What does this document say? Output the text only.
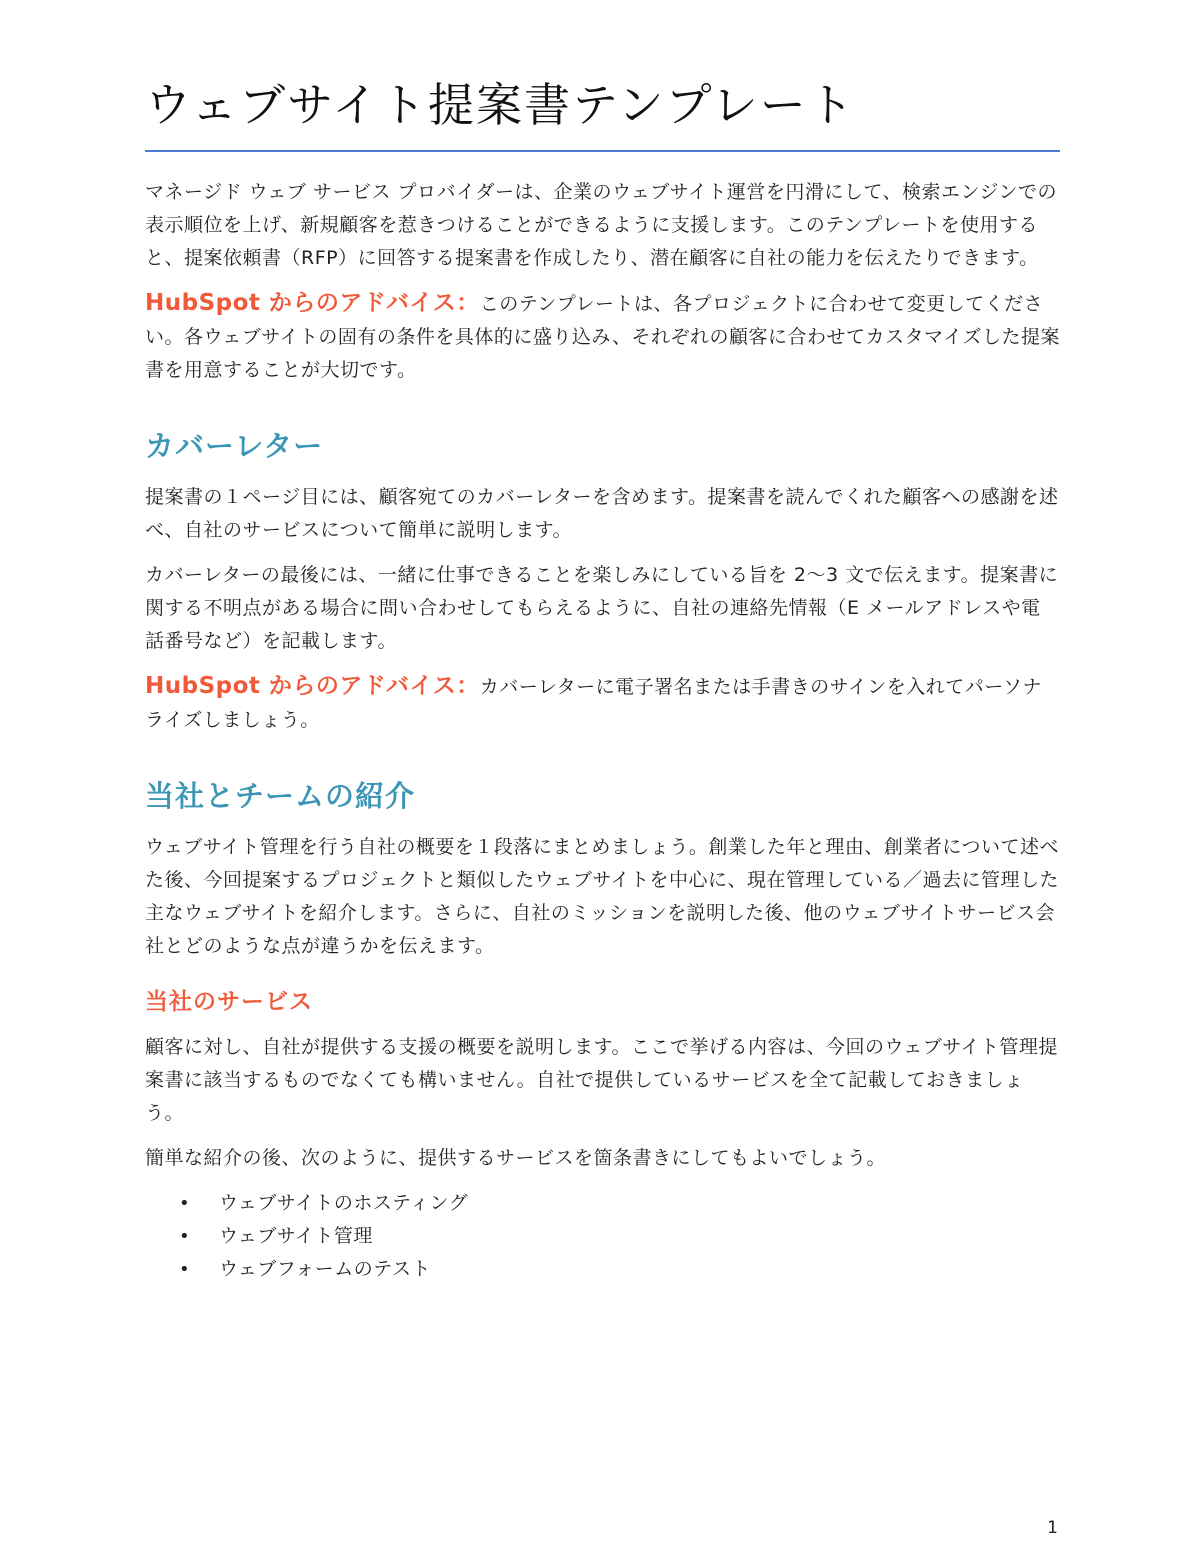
ウェブサイト提案書テンプレート

マネージド ウェブ サービス プロバイダーは、企業のウェブサイト運営を円滑にして、検索エンジンでの表示順位を上げ、新規顧客を惹きつけることができるように支援します。このテンプレートを使用すると、提案依頼書（RFP）に回答する提案書を作成したり、潜在顧客に自社の能力を伝えたりできます。

HubSpot からのアドバイス：このテンプレートは、各プロジェクトに合わせて変更してください。各ウェブサイトの固有の条件を具体的に盛り込み、それぞれの顧客に合わせてカスタマイズした提案書を用意することが大切です。

カバーレター

提案書の１ページ目には、顧客宛てのカバーレターを含めます。提案書を読んでくれた顧客への感謝を述べ、自社のサービスについて簡単に説明します。

カバーレターの最後には、一緒に仕事できることを楽しみにしている旨を 2〜3 文で伝えます。提案書に関する不明点がある場合に問い合わせしてもらえるように、自社の連絡先情報（E メールアドレスや電話番号など）を記載します。

HubSpot からのアドバイス：カバーレターに電子署名または手書きのサインを入れてパーソナライズしましょう。

当社とチームの紹介

ウェブサイト管理を行う自社の概要を１段落にまとめましょう。創業した年と理由、創業者について述べた後、今回提案するプロジェクトと類似したウェブサイトを中心に、現在管理している／過去に管理した主なウェブサイトを紹介します。さらに、自社のミッションを説明した後、他のウェブサイトサービス会社とどのような点が違うかを伝えます。

当社のサービス

顧客に対し、自社が提供する支援の概要を説明します。ここで挙げる内容は、今回のウェブサイト管理提案書に該当するものでなくても構いません。自社で提供しているサービスを全て記載しておきましょう。

簡単な紹介の後、次のように、提供するサービスを箇条書きにしてもよいでしょう。

• ウェブサイトのホスティング
• ウェブサイト管理
• ウェブフォームのテスト
1
